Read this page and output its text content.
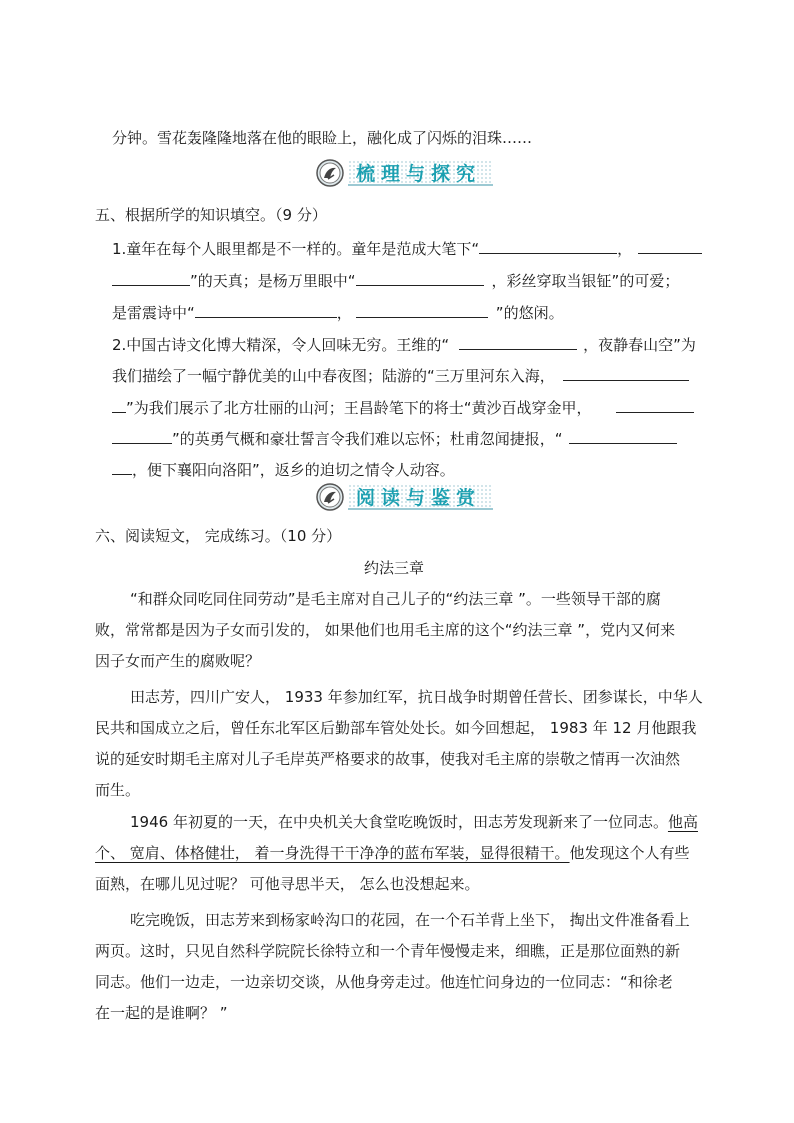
分钟。雪花轰隆隆地落在他的眼睑上，融化成了闪烁的泪珠……
梳理与探究
五、根据所学的知识填空。（9 分）
1.童年在每个人眼里都是不一样的。童年是范成大笔下“	，
”的天真；是杨万里眼中“	，彩丝穿取当银钲”的可爱；
是雷震诗中“	，	”的悠闲。
2.中国古诗文化博大精深，令人回味无穷。王维的“	，夜静春山空”为
我们描绘了一幅宁静优美的山中春夜图；陆游的“三万里河东入海，
”为我们展示了北方壮丽的山河；王昌龄笔下的将士“黄沙百战穿金甲，
”的英勇气概和豪壮誓言令我们难以忘怀；杜甫忽闻捷报，“
，便下襄阳向洛阳”，返乡的迫切之情令人动容。
阅读与鉴赏
六、阅读短文， 完成练习。（10 分）
约法三章
“和群众同吃同住同劳动”是毛主席对自己儿子的“约法三章 ”。一些领导干部的腐
败，常常都是因为子女而引发的， 如果他们也用毛主席的这个“约法三章 ”，党内又何来
因子女而产生的腐败呢？
田志芳，四川广安人， 1933 年参加红军，抗日战争时期曾任营长、团参谋长，中华人
民共和国成立之后，曾任东北军区后勤部车管处处长。如今回想起， 1983 年 12 月他跟我
说的延安时期毛主席对儿子毛岸英严格要求的故事，使我对毛主席的崇敬之情再一次油然
而生。
1946 年初夏的一天，在中央机关大食堂吃晚饭时，田志芳发现新来了一位同志。他高
个、 宽肩、体格健壮， 着一身洗得干干净净的蓝布军装，显得很精干。他发现这个人有些
面熟，在哪儿见过呢？ 可他寻思半天， 怎么也没想起来。
吃完晚饭，田志芳来到杨家岭沟口的花园，在一个石羊背上坐下， 掏出文件准备看上
两页。这时，只见自然科学院院长徐特立和一个青年慢慢走来，细瞧，正是那位面熟的新
同志。他们一边走，一边亲切交谈，从他身旁走过。他连忙问身边的一位同志：“和徐老
在一起的是谁啊？ ”
